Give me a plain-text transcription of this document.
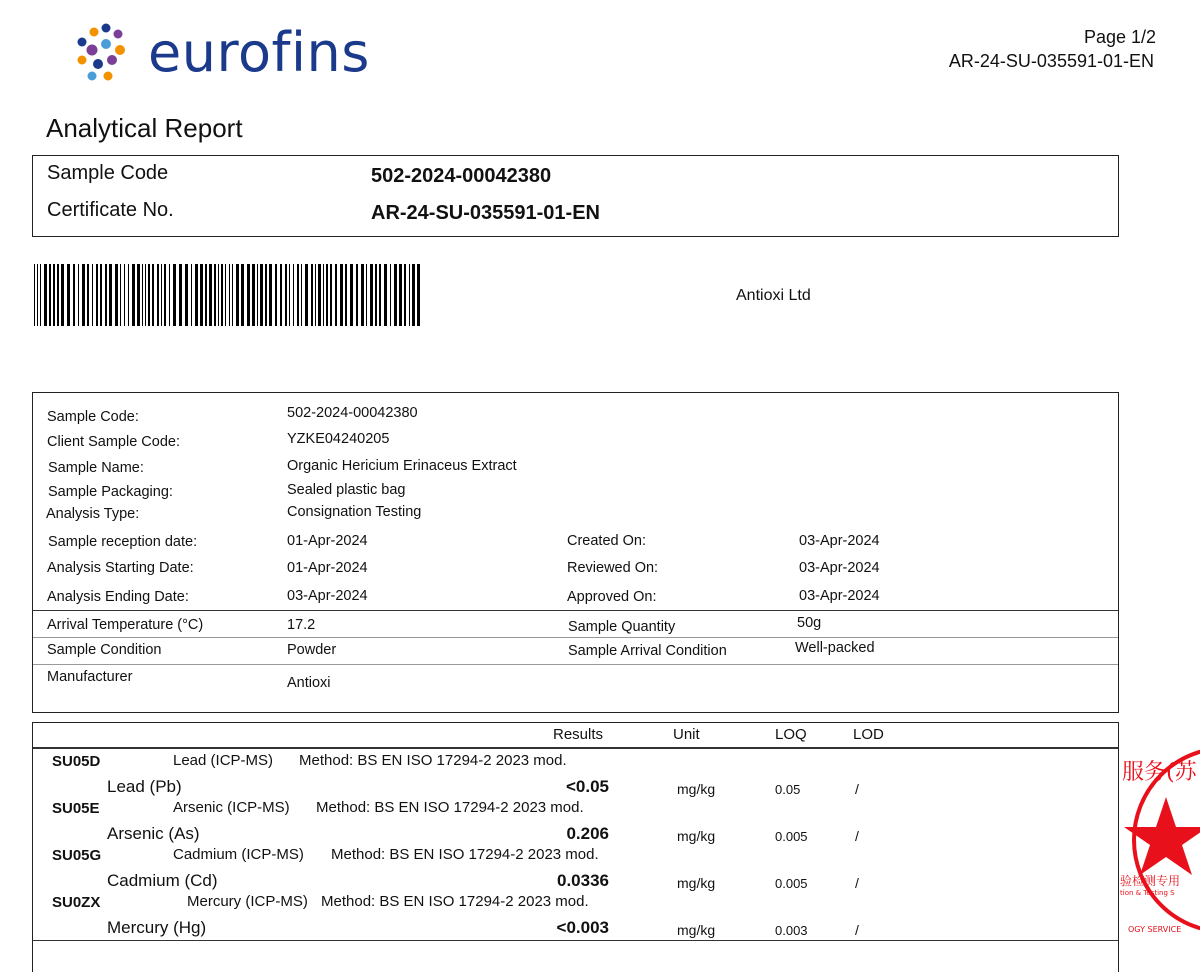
eurofins	Page 1/2
AR-24-SU-035591-01-EN
Analytical Report
Sample Code	502-2024-00042380
Certificate No.	AR-24-SU-035591-01-EN
Antioxi Ltd
Sample Code:	502-2024-00042380
Client Sample Code:	YZKE04240205
Sample Name:	Organic Hericium Erinaceus Extract
Sample Packaging:	Sealed plastic bag
Analysis Type:	Consignation Testing
Sample reception date:	01-Apr-2024	Created On:	03-Apr-2024
Analysis Starting Date:	01-Apr-2024	Reviewed On:	03-Apr-2024
Analysis Ending Date:	03-Apr-2024	Approved On:	03-Apr-2024
Arrival Temperature (°C)	17.2	Sample Quantity	50g
Sample Condition	Powder	Sample Arrival Condition	Well-packed
Manufacturer	Antioxi
Results	Unit	LOQ	LOD
SU05D	Lead (ICP-MS) Method: BS EN ISO 17294-2 2023 mod.
Lead (Pb)	<0.05	mg/kg	0.05	/
SU05E	Arsenic (ICP-MS) Method: BS EN ISO 17294-2 2023 mod.
Arsenic (As)	0.206	mg/kg	0.005	/
SU05G	Cadmium (ICP-MS) Method: BS EN ISO 17294-2 2023 mod.
Cadmium (Cd)	0.0336	mg/kg	0.005	/
SU0ZX	Mercury (ICP-MS) Method: BS EN ISO 17294-2 2023 mod.
Mercury (Hg)	<0.003	mg/kg	0.003	/
服务(苏
验检测专用
tion & Testing S
OGY SERVICE
